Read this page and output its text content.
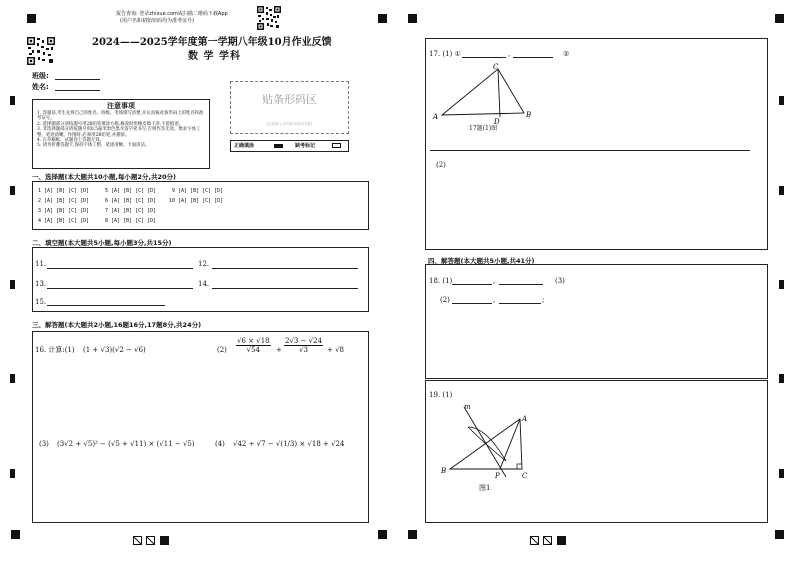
报告查询: 登录zhixue.com或扫描二维码下载App
(用户名和初始密码均为准考证号)
2024——2025学年度第一学期八年级10月作业反馈
数 学 学科
班级:
姓名:
注意事项
1. 答题前,考生先将自己的姓名、班级、考场填写清楚,并认真核对条形码上的姓名和准考证号。
2. 选择题部分请按题号用2B铅笔填涂方框,修改时用橡皮擦干净,不留痕迹。
3. 非选择题部分请按题号用0.5毫米黑色墨水签字笔书写,否则作答无效。要求字体工整、笔迹清晰。作图时,必须用2B铅笔,并描浓。
4. 在草稿纸、试题卷上答题无效。
5. 请勿折叠答题卡,保持字体工整、笔迹清晰、卡面清洁。
贴条形码区
(正面朝上,切勿贴出虚线方框)
正确填涂	缺考标记
一、选择题(本大题共10小题,每小题2分,共20分)
1 [A] [B] [C] [D]	5 [A] [B] [C] [D]	9 [A] [B] [C] [D]
2 [A] [B] [C] [D]	6 [A] [B] [C] [D]	10 [A] [B] [C] [D]
3 [A] [B] [C] [D]	7 [A] [B] [C] [D]
4 [A] [B] [C] [D]	8 [A] [B] [C] [D]
二、填空题(本大题共5小题,每小题3分,共15分)
11.	12.
13.	14.
15.
三、解答题(本大题共2小题,16题16分,17题8分,共24分)
16. 计算:(1) (1 + √3)(√2 − √6)	$(2) \frac{√6 \times √18}{√54} + \frac{2√3 - √24}{√3} + √8$
(3) (3√2 + √5)² − (√5 + √11) × (√11 − √5)	(4) √42 ÷ √7 − √(1/3) × √18 + √24
17. (1) ①	,	②
A
C
B
D
17题(1)图
(2)
四、解答题(本大题共5小题,共41分)
18. (1)	,	(3)
(2)	,	;
19. (1)
m
A
B
P	C
图1
